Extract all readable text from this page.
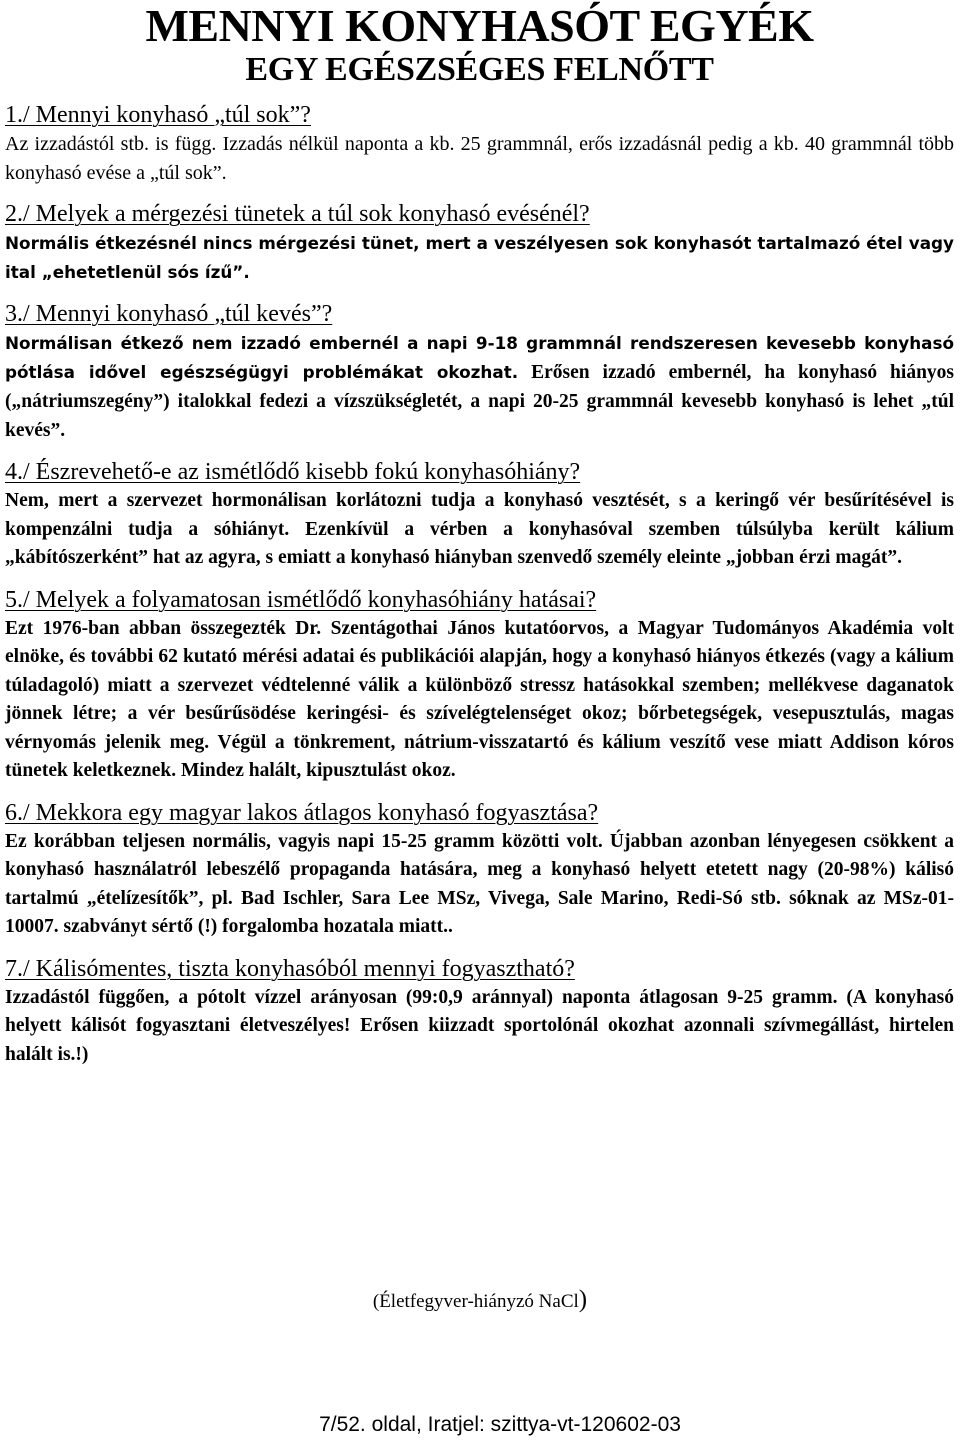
MENNYI KONYHASÓT EGYÉK
EGY EGÉSZSÉGES FELNŐTT

1./ Mennyi konyhasó „túl sok”?

Az izzadástól stb. is függ. Izzadás nélkül naponta a kb. 25 grammnál, erős izzadásnál pedig a kb. 40 grammnál több konyhasó evése a „túl sok”.

2./ Melyek a mérgezési tünetek a túl sok konyhasó evésénél?

Normális étkezésnél nincs mérgezési tünet, mert a veszélyesen sok konyhasót tartalmazó étel vagy ital „ehetetlenül sós ízű”.

3./ Mennyi konyhasó „túl kevés”?

Normálisan étkező nem izzadó embernél a napi 9-18 grammnál rendszeresen kevesebb konyhasó pótlása idővel egészségügyi problémákat okozhat. Erősen izzadó embernél, ha konyhasó hiányos („nátriumszegény”) italokkal fedezi a vízszükségletét, a napi 20-25 grammnál kevesebb konyhasó is lehet „túl kevés”.

4./ Észrevehető-e az ismétlődő kisebb fokú konyhasóhiány?

Nem, mert a szervezet hormonálisan korlátozni tudja a konyhasó vesztését, s a keringő vér besűrítésével is kompenzálni tudja a sóhiányt. Ezenkívül a vérben a konyhasóval szemben túlsúlyba került kálium „kábítószerként” hat az agyra, s emiatt a konyhasó hiányban szenvedő személy eleinte „jobban érzi magát”.

5./ Melyek a folyamatosan ismétlődő konyhasóhiány hatásai?

Ezt 1976-ban abban összegezték Dr. Szentágothai János kutatóorvos, a Magyar Tudományos Akadémia volt elnöke, és további 62 kutató mérési adatai és publikációi alapján, hogy a konyhasó hiányos étkezés (vagy a kálium túladagoló) miatt a szervezet védtelenné válik a különböző stressz hatásokkal szemben; mellékvese daganatok jönnek létre; a vér besűrűsödése keringési- és szívelégtelenséget okoz; bőrbetegségek, vesepusztulás, magas vérnyomás jelenik meg. Végül a tönkrement, nátrium-visszatartó és kálium veszítő vese miatt Addison kóros tünetek keletkeznek. Mindez halált, kipusztulást okoz.

6./ Mekkora egy magyar lakos átlagos konyhasó fogyasztása?

Ez korábban teljesen normális, vagyis napi 15-25 gramm közötti volt. Újabban azonban lényegesen csökkent a konyhasó használatról lebeszélő propaganda hatására, meg a konyhasó helyett etetett nagy (20-98%) kálisó tartalmú „ételízesítők”, pl. Bad Ischler, Sara Lee MSz, Vivega, Sale Marino, Redi-Só stb. sóknak az MSz-01-10007. szabványt sértő (!) forgalomba hozatala miatt..

7./ Kálisómentes, tiszta konyhasóból mennyi fogyasztható?

Izzadástól függően, a pótolt vízzel arányosan (99:0,9 aránnyal) naponta átlagosan 9-25 gramm. (A konyhasó helyett kálisót fogyasztani életveszélyes! Erősen kiizzadt sportolónál okozhat azonnali szívmegállást, hirtelen halált is.!)

(Életfegyver-hiányzó NaCl)
7/52. oldal, Iratjel: szittya-vt-120602-03
